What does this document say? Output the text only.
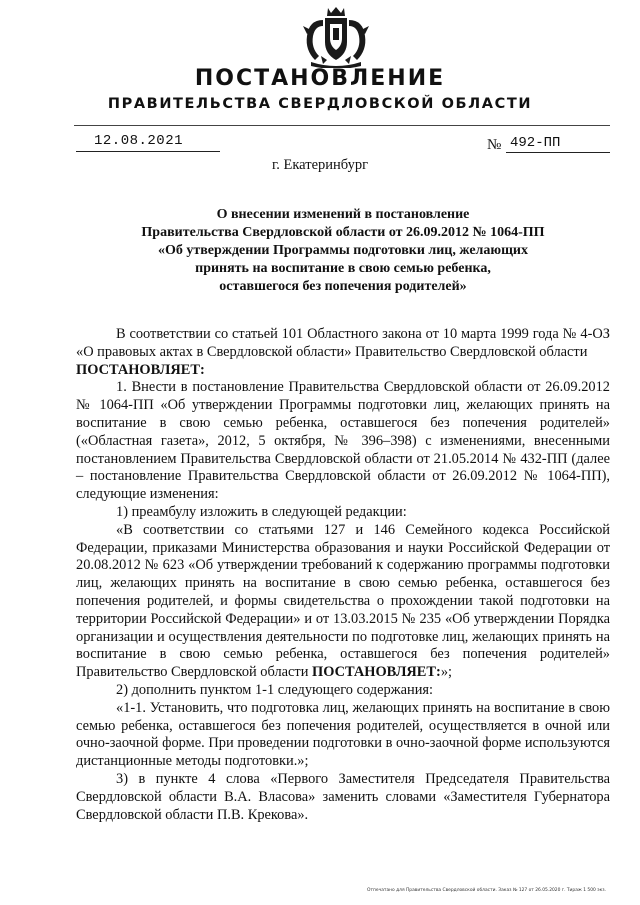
ПОСТАНОВЛЕНИЕ
ПРАВИТЕЛЬСТВА СВЕРДЛОВСКОЙ ОБЛАСТИ
12.08.2021	№ 492-ПП
г. Екатеринбург
О внесении изменений в постановление
Правительства Свердловской области от 26.09.2012 № 1064-ПП
«Об утверждении Программы подготовки лиц, желающих
принять на воспитание в свою семью ребенка,
оставшегося без попечения родителей»

В соответствии со статьей 101 Областного закона от 10 марта 1999 года № 4-ОЗ «О правовых актах в Свердловской области» Правительство Свердловской области

ПОСТАНОВЛЯЕТ:

1. Внести в постановление Правительства Свердловской области от 26.09.2012 № 1064-ПП «Об утверждении Программы подготовки лиц, желающих принять на воспитание в свою семью ребенка, оставшегося без попечения родителей» («Областная газета», 2012, 5 октября, № 396–398) с изменениями, внесенными постановлением Правительства Свердловской области от 21.05.2014 № 432-ПП (далее – постановление Правительства Свердловской области от 26.09.2012 № 1064-ПП), следующие изменения:

1) преамбулу изложить в следующей редакции:

«В соответствии со статьями 127 и 146 Семейного кодекса Российской Федерации, приказами Министерства образования и науки Российской Федерации от 20.08.2012 № 623 «Об утверждении требований к содержанию программы подготовки лиц, желающих принять на воспитание в свою семью ребенка, оставшегося без попечения родителей, и формы свидетельства о прохождении такой подготовки на территории Российской Федерации» и от 13.03.2015 № 235 «Об утверждении Порядка организации и осуществления деятельности по подготовке лиц, желающих принять на воспитание в свою семью ребенка, оставшегося без попечения родителей» Правительство Свердловской области ПОСТАНОВЛЯЕТ:»;

2) дополнить пунктом 1-1 следующего содержания:

«1-1. Установить, что подготовка лиц, желающих принять на воспитание в свою семью ребенка, оставшегося без попечения родителей, осуществляется в очной или очно-заочной форме. При проведении подготовки в очно-заочной форме используются дистанционные методы подготовки.»;

3) в пункте 4 слова «Первого Заместителя Председателя Правительства Свердловской области В.А. Власова» заменить словами «Заместителя Губернатора Свердловской области П.В. Крекова».

Отпечатано для Правительства Свердловской области. Заказ № 127 от 26.05.2020 г. Тираж 1 500 экз.
